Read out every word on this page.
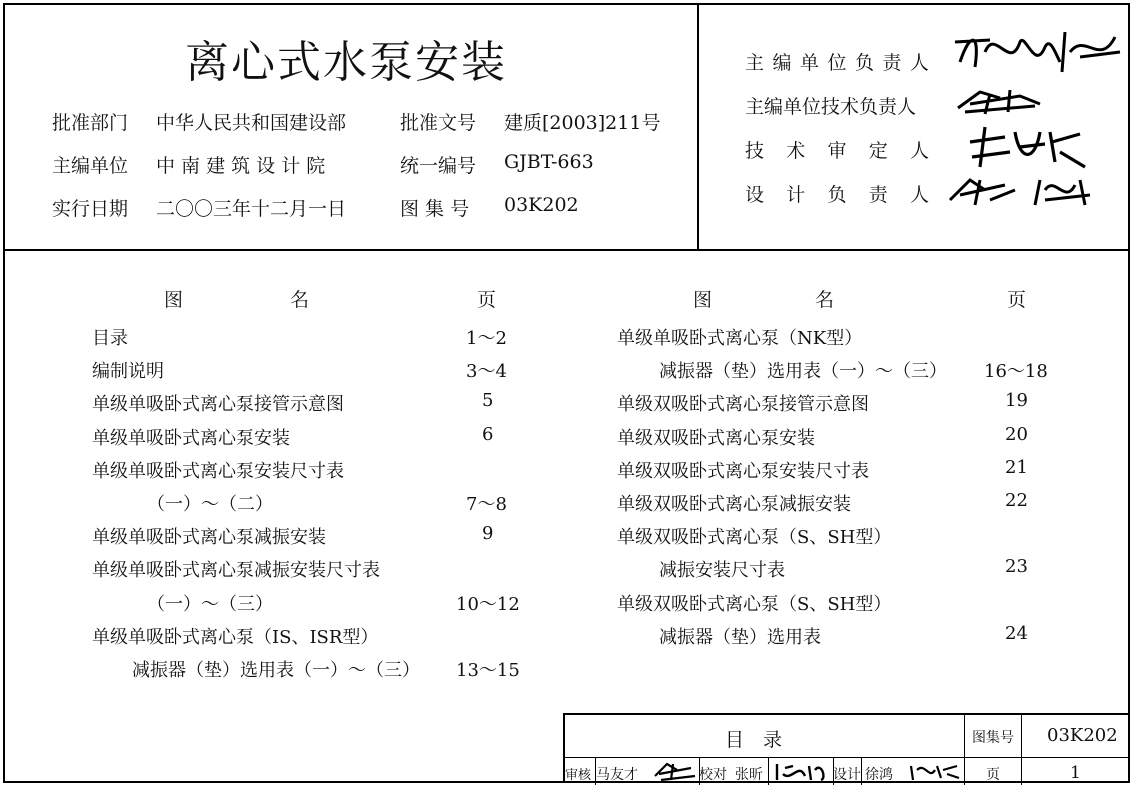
离心式水泵安装
批准部门 中华人民共和国建设部	批准文号 建质[2003]211号
主编单位 中 南 建 筑 设 计 院	统一编号 GJBT-663
实行日期 二〇〇三年十二月一日	图 集 号 03K202
主 编 单 位 负 责 人
主编单位技术负责人
技 术 审 定 人
设 计 负 责 人
图	名	页
目录	1～2
编制说明	3～4
单级单吸卧式离心泵接管示意图	5
单级单吸卧式离心泵安装	6
单级单吸卧式离心泵安装尺寸表
（一）～（二）	7～8
单级单吸卧式离心泵减振安装	9
单级单吸卧式离心泵减振安装尺寸表
（一）～（三）	10～12
单级单吸卧式离心泵（IS、ISR型）
减振器（垫）选用表（一）～（三） 13～15
图	名	页
单级单吸卧式离心泵（NK型）
减振器（垫）选用表（一）～（三） 16～18
单级双吸卧式离心泵接管示意图	19
单级双吸卧式离心泵安装	20
单级双吸卧式离心泵安装尺寸表	21
单级双吸卧式离心泵减振安装	22
单级双吸卧式离心泵（S、SH型）
减振安装尺寸表	23
单级双吸卧式离心泵（S、SH型）
减振器（垫）选用表	24
目　录	图集号 03K202
审核 马友才	校对 张昕	设计 徐鸿	页	1
